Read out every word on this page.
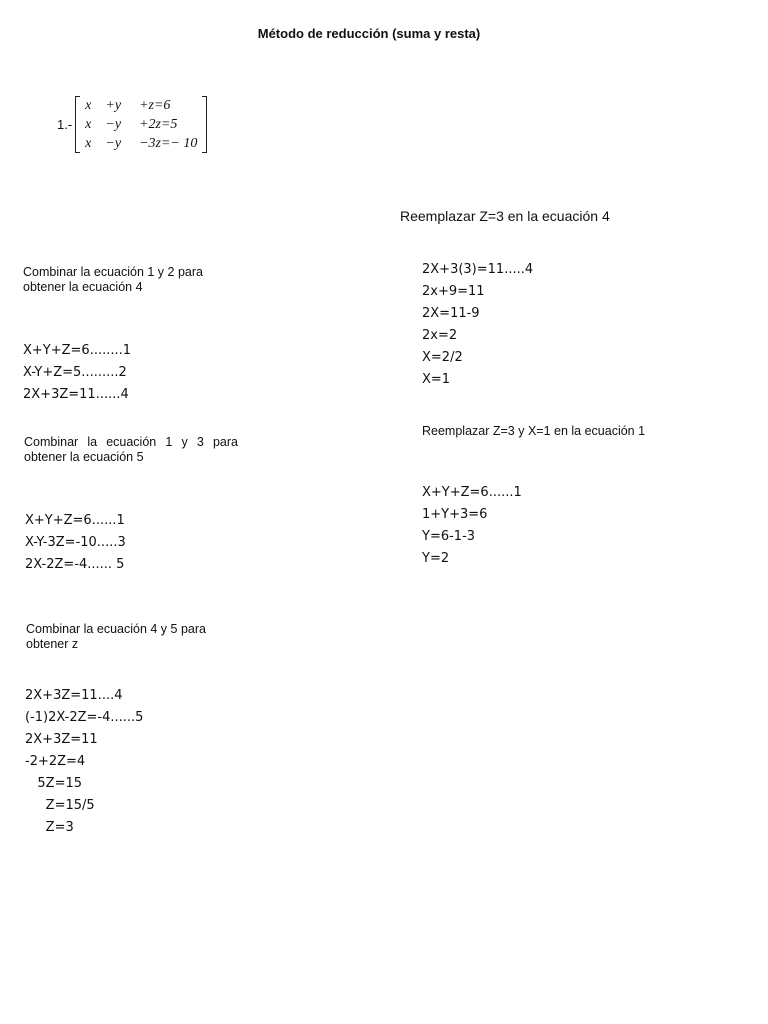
Método de reducción (suma y resta)
1.-
x	+y	+z=6
x	−y	+2z=5
x	−y	−3z=− 10
Combinar la ecuación 1 y 2 para obtener la ecuación 4
X+Y+Z=6........1
X-Y+Z=5.........2
2X+3Z=11......4
Combinar la ecuación 1 y 3 para obtener la ecuación 5
X+Y+Z=6......1
X-Y-3Z=-10.....3
2X-2Z=-4...... 5
Combinar la ecuación 4 y 5 para obtener z
2X+3Z=11....4
(-1)2X-2Z=-4......5
2X+3Z=11
-2+2Z=4
5Z=15
Z=15/5
Z=3
Reemplazar Z=3 en la ecuación 4
2X+3(3)=11.....4
2x+9=11
2X=11-9
2x=2
X=2/2
X=1
Reemplazar Z=3 y X=1 en la ecuación 1
X+Y+Z=6......1
1+Y+3=6
Y=6-1-3
Y=2
